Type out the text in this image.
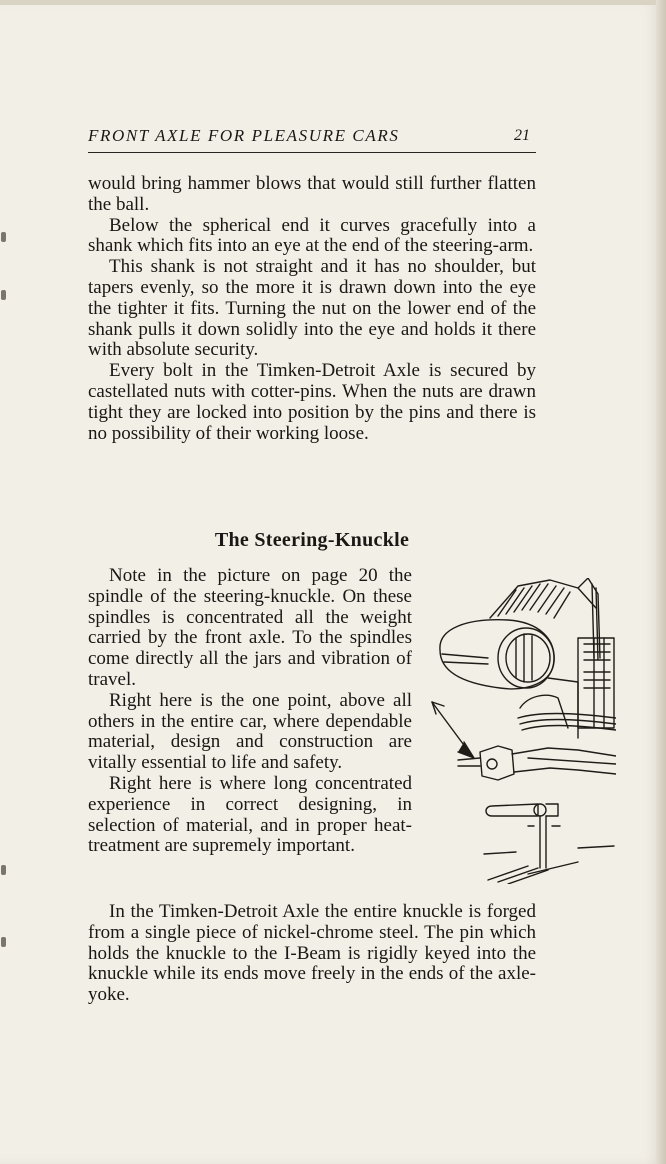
FRONT AXLE FOR PLEASURE CARS	21

would bring hammer blows that would still further flatten the ball.

Below the spherical end it curves gracefully into a shank which fits into an eye at the end of the steering-arm.

This shank is not straight and it has no shoulder, but tapers evenly, so the more it is drawn down into the eye the tighter it fits. Turning the nut on the lower end of the shank pulls it down solidly into the eye and holds it there with absolute security.

Every bolt in the Timken-Detroit Axle is secured by castellated nuts with cotter-pins. When the nuts are drawn tight they are locked into position by the pins and there is no possibility of their working loose.

The Steering-Knuckle

Note in the picture on page 20 the spindle of the steering-knuckle. On these spindles is concentrated all the weight carried by the front axle. To the spindles come directly all the jars and vibration of travel.

Right here is the one point, above all others in the entire car, where dependable material, design and construction are vitally essential to life and safety.

Right here is where long concentrated experience in correct designing, in selection of material, and in proper heat-treatment are supremely important.

In the Timken-Detroit Axle the entire knuckle is forged from a single piece of nickel-chrome steel. The pin which holds the knuckle to the I-Beam is rigidly keyed into the knuckle while its ends move freely in the ends of the axle-yoke.
